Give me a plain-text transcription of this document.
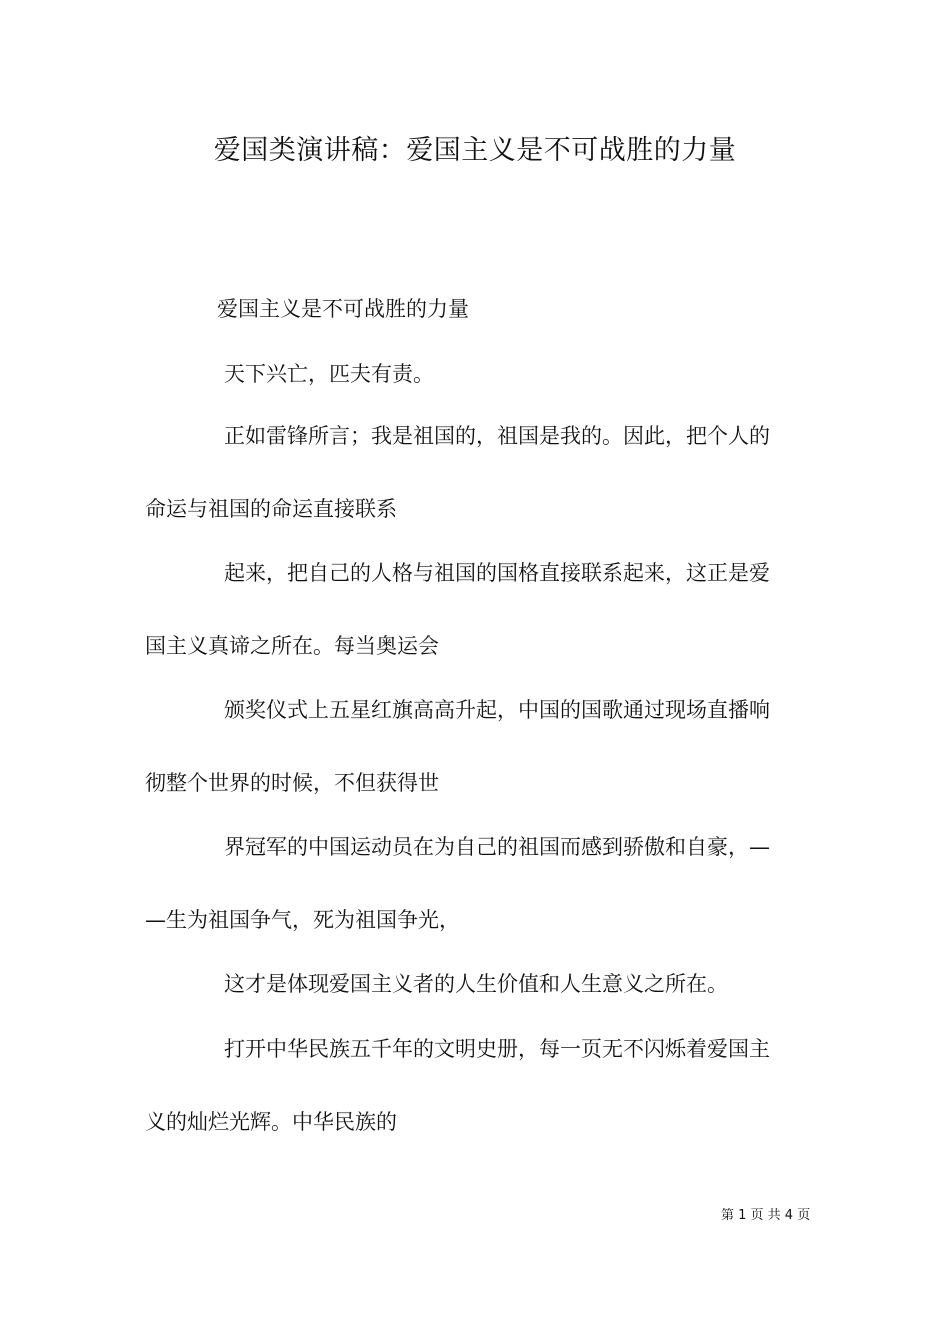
爱国类演讲稿：爱国主义是不可战胜的力量
爱国主义是不可战胜的力量
天下兴亡，匹夫有责。
正如雷锋所言；我是祖国的，祖国是我的。因此，把个人的
命运与祖国的命运直接联系
起来，把自己的人格与祖国的国格直接联系起来，这正是爱
国主义真谛之所在。每当奥运会
颁奖仪式上五星红旗高高升起，中国的国歌通过现场直播响
彻整个世界的时候，不但获得世
界冠军的中国运动员在为自己的祖国而感到骄傲和自豪，—
—生为祖国争气，死为祖国争光，
这才是体现爱国主义者的人生价值和人生意义之所在。
打开中华民族五千年的文明史册，每一页无不闪烁着爱国主
义的灿烂光辉。中华民族的
第 1 页 共 4 页
